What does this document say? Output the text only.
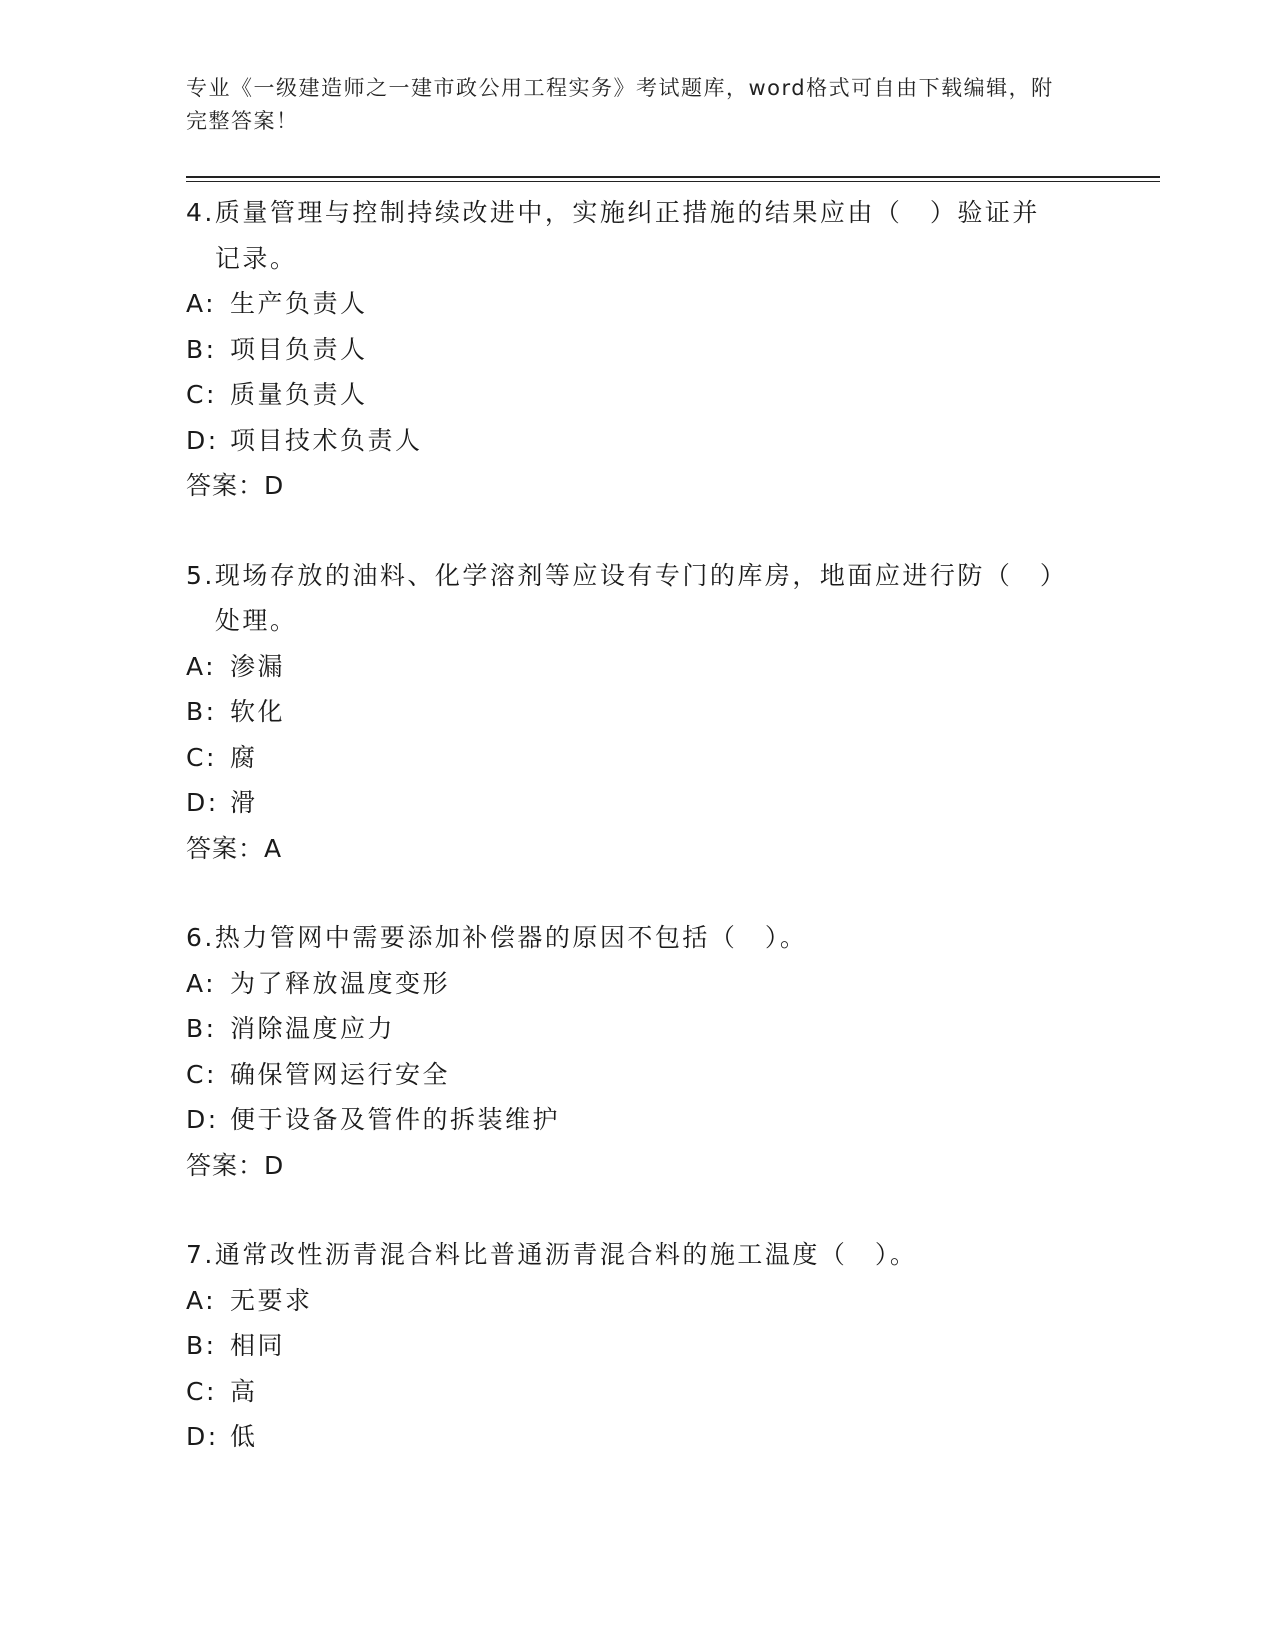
专业《一级建造师之一建市政公用工程实务》考试题库，word格式可自由下载编辑，附完整答案！
4. 质量管理与控制持续改进中，实施纠正措施的结果应由（　）验证并记录。
A: 生产负责人
B: 项目负责人
C: 质量负责人
D: 项目技术负责人
答案：D
5. 现场存放的油料、化学溶剂等应设有专门的库房，地面应进行防（　）处理。
A: 渗漏
B: 软化
C: 腐
D: 滑
答案：A
6. 热力管网中需要添加补偿器的原因不包括（　）。
A: 为了释放温度变形
B: 消除温度应力
C: 确保管网运行安全
D: 便于设备及管件的拆装维护
答案：D
7. 通常改性沥青混合料比普通沥青混合料的施工温度（　）。
A: 无要求
B: 相同
C: 高
D: 低
